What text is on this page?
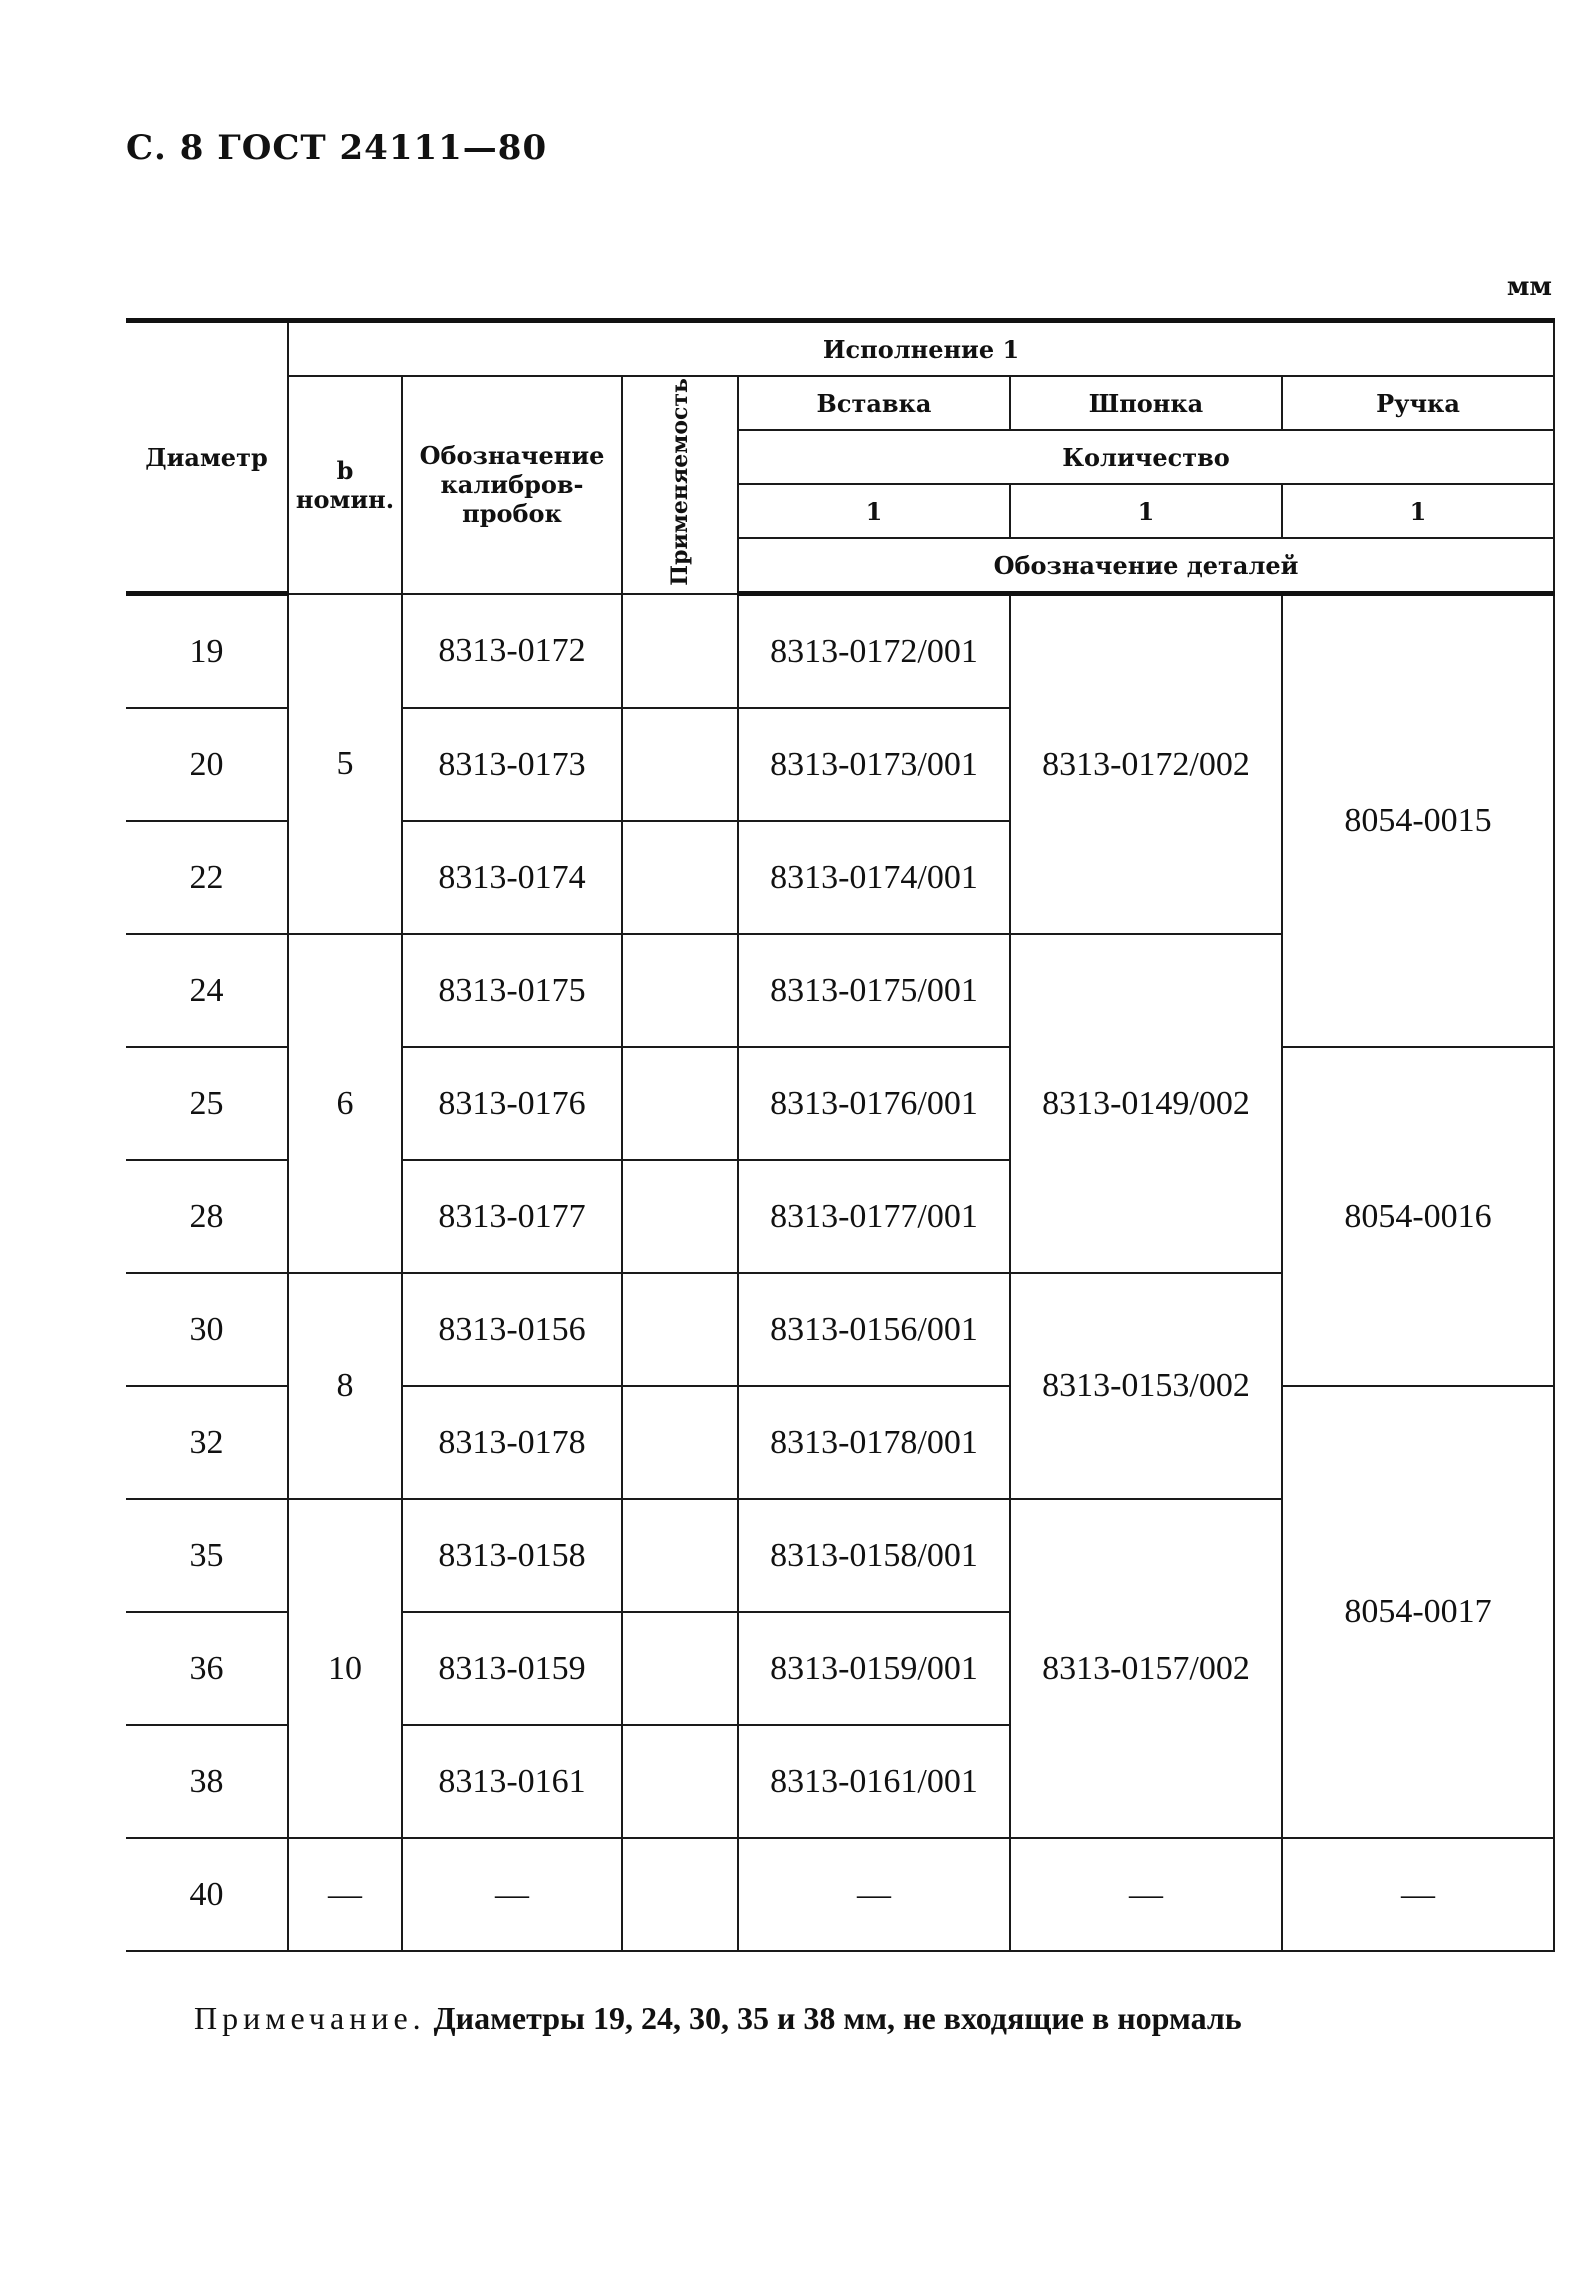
С. 8 ГОСТ 24111—80
мм
Диаметр	Исполнение 1					
	b номин.	Обозначение калибров-пробок	Применяемость	Вставка	Шпонка	Ручка
				Количество		
				1	1	1
				Обозначение деталей		
19	5	8313-0172		8313-0172/001	8313-0172/002	8054-0015
20		8313-0173		8313-0173/001		
22		8313-0174		8313-0174/001		
24	6	8313-0175		8313-0175/001	8313-0149/002	
25		8313-0176		8313-0176/001		8054-0016
28		8313-0177		8313-0177/001		
30	8	8313-0156		8313-0156/001	8313-0153/002	
32		8313-0178		8313-0178/001		8054-0017
35	10	8313-0158		8313-0158/001	8313-0157/002	
36		8313-0159		8313-0159/001		
38		8313-0161		8313-0161/001		
40	—	—		—	—	—
Примечание. Диаметры 19, 24, 30, 35 и 38 мм, не входящие в нормаль
